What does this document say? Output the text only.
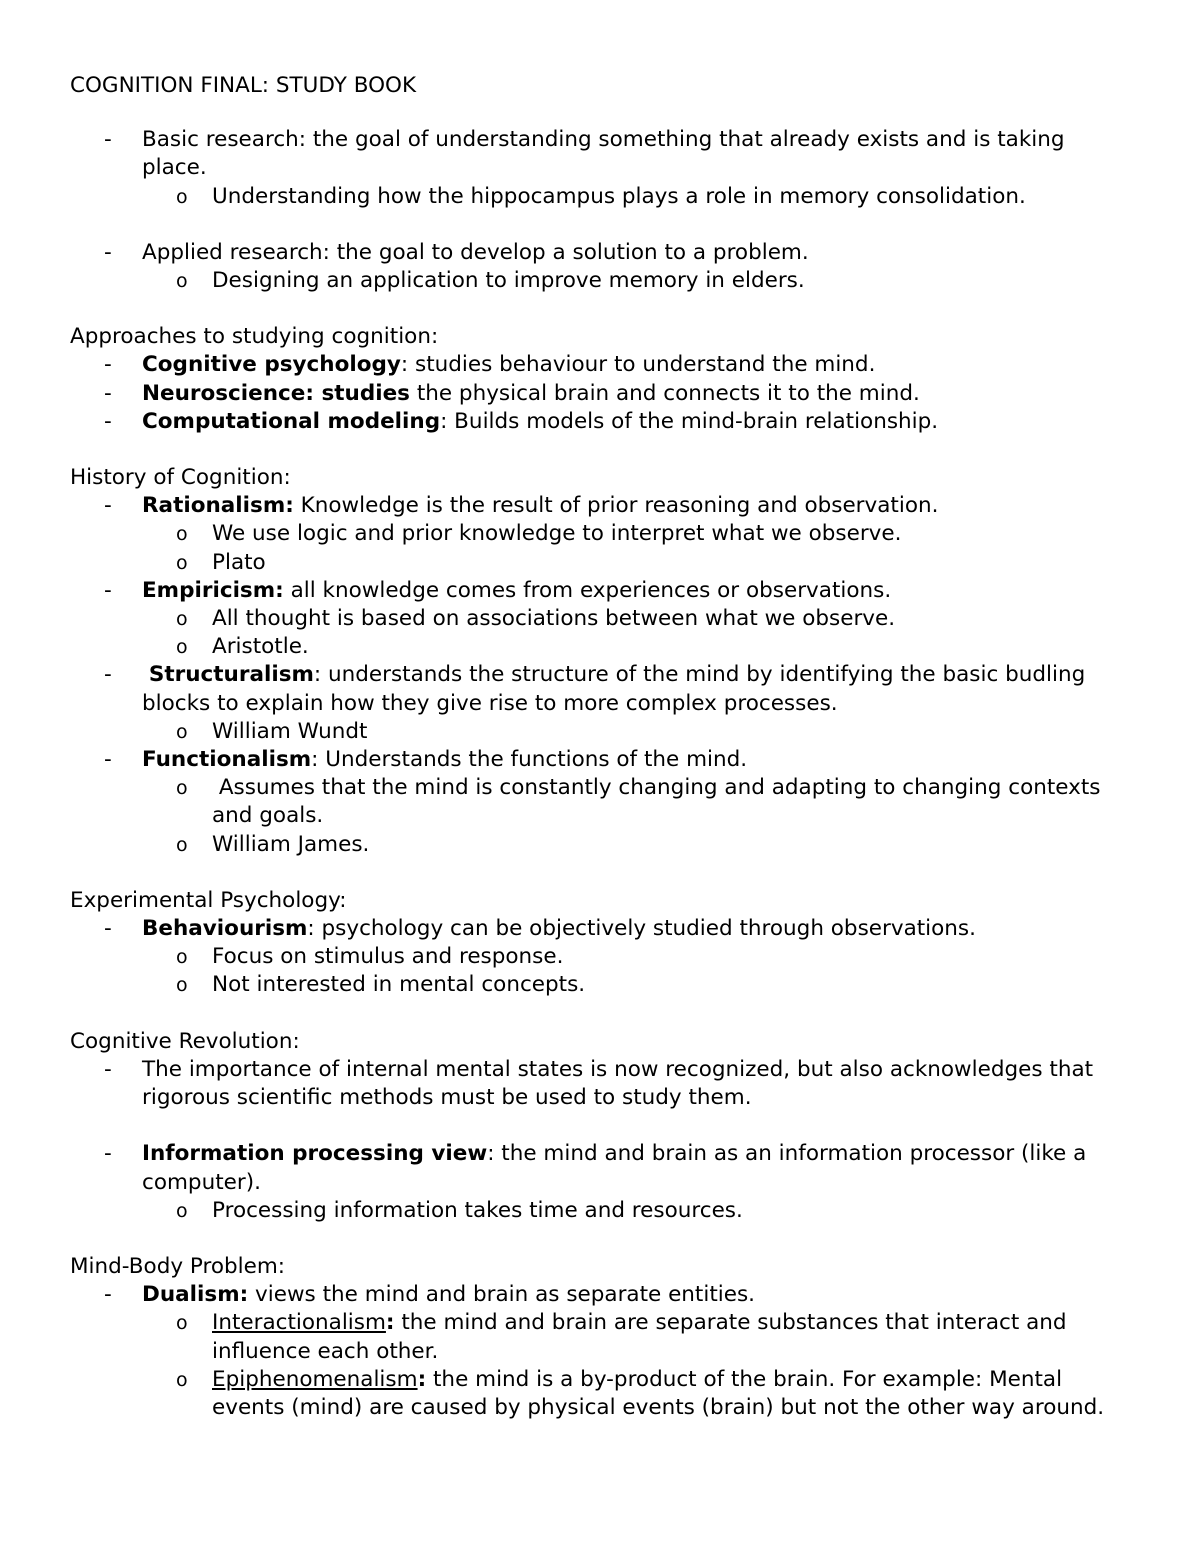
COGNITION FINAL: STUDY BOOK
- Basic research: the goal of understanding something that already exists and is taking place.
o Understanding how the hippocampus plays a role in memory consolidation.
- Applied research: the goal to develop a solution to a problem.
o Designing an application to improve memory in elders.
Approaches to studying cognition:
- Cognitive psychology: studies behaviour to understand the mind.
- Neuroscience: studies the physical brain and connects it to the mind.
- Computational modeling: Builds models of the mind-brain relationship.
History of Cognition:
- Rationalism: Knowledge is the result of prior reasoning and observation.
o We use logic and prior knowledge to interpret what we observe.
o Plato
- Empiricism: all knowledge comes from experiences or observations.
o All thought is based on associations between what we observe.
o Aristotle.
- Structuralism: understands the structure of the mind by identifying the basic budling blocks to explain how they give rise to more complex processes.
o William Wundt
- Functionalism: Understands the functions of the mind.
o Assumes that the mind is constantly changing and adapting to changing contexts and goals.
o William James.
Experimental Psychology:
- Behaviourism: psychology can be objectively studied through observations.
o Focus on stimulus and response.
o Not interested in mental concepts.
Cognitive Revolution:
- The importance of internal mental states is now recognized, but also acknowledges that rigorous scientific methods must be used to study them.
- Information processing view: the mind and brain as an information processor (like a computer).
o Processing information takes time and resources.
Mind-Body Problem:
- Dualism: views the mind and brain as separate entities.
o Interactionalism: the mind and brain are separate substances that interact and influence each other.
o Epiphenomenalism: the mind is a by-product of the brain. For example: Mental events (mind) are caused by physical events (brain) but not the other way around.
